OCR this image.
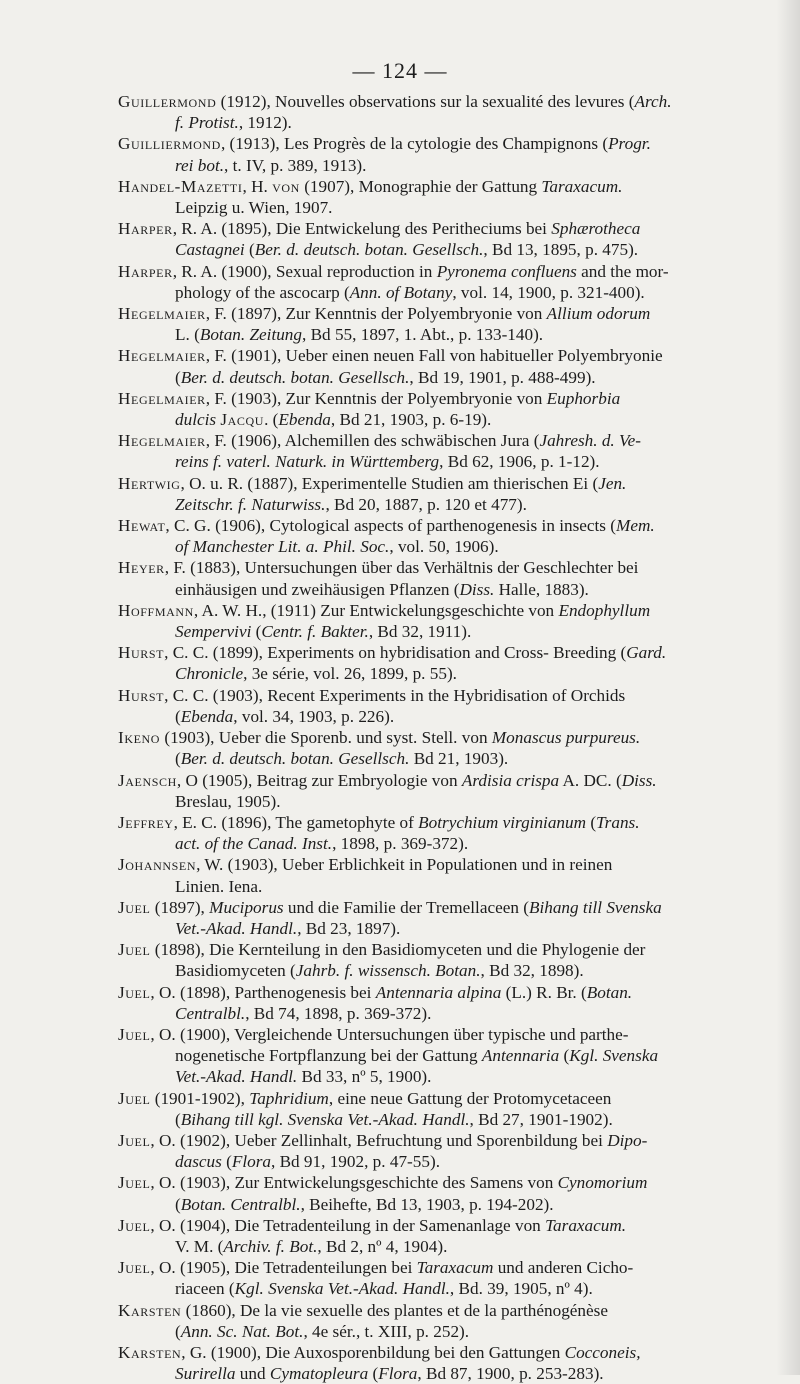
— 124 —
Guillermond (1912), Nouvelles observations sur la sexualité des levures (Arch.
f. Protist., 1912).
Guilliermond, (1913), Les Progrès de la cytologie des Champignons (Progr.
rei bot., t. IV, p. 389, 1913).
Handel-Mazetti, H. von (1907), Monographie der Gattung Taraxacum.
Leipzig u. Wien, 1907.
Harper, R. A. (1895), Die Entwickelung des Peritheciums bei Sphærotheca
Castagnei (Ber. d. deutsch. botan. Gesellsch., Bd 13, 1895, p. 475).
Harper, R. A. (1900), Sexual reproduction in Pyronema confluens and the mor-
phology of the ascocarp (Ann. of Botany, vol. 14, 1900, p. 321-400).
Hegelmaier, F. (1897), Zur Kenntnis der Polyembryonie von Allium odorum
L. (Botan. Zeitung, Bd 55, 1897, 1. Abt., p. 133-140).
Hegelmaier, F. (1901), Ueber einen neuen Fall von habitueller Polyembryonie
(Ber. d. deutsch. botan. Gesellsch., Bd 19, 1901, p. 488-499).
Hegelmaier, F. (1903), Zur Kenntnis der Polyembryonie von Euphorbia
dulcis Jacqu. (Ebenda, Bd 21, 1903, p. 6-19).
Hegelmaier, F. (1906), Alchemillen des schwäbischen Jura (Jahresh. d. Ve-
reins f. vaterl. Naturk. in Württemberg, Bd 62, 1906, p. 1-12).
Hertwig, O. u. R. (1887), Experimentelle Studien am thierischen Ei (Jen.
Zeitschr. f. Naturwiss., Bd 20, 1887, p. 120 et 477).
Hewat, C. G. (1906), Cytological aspects of parthenogenesis in insects (Mem.
of Manchester Lit. a. Phil. Soc., vol. 50, 1906).
Heyer, F. (1883), Untersuchungen über das Verhältnis der Geschlechter bei
einhäusigen und zweihäusigen Pflanzen (Diss. Halle, 1883).
Hoffmann, A. W. H., (1911) Zur Entwickelungsgeschichte von Endophyllum
Sempervivi (Centr. f. Bakter., Bd 32, 1911).
Hurst, C. C. (1899), Experiments on hybridisation and Cross- Breeding (Gard.
Chronicle, 3e série, vol. 26, 1899, p. 55).
Hurst, C. C. (1903), Recent Experiments in the Hybridisation of Orchids
(Ebenda, vol. 34, 1903, p. 226).
Ikeno (1903), Ueber die Sporenb. und syst. Stell. von Monascus purpureus.
(Ber. d. deutsch. botan. Gesellsch. Bd 21, 1903).
Jaensch, O (1905), Beitrag zur Embryologie von Ardisia crispa A. DC. (Diss.
Breslau, 1905).
Jeffrey, E. C. (1896), The gametophyte of Botrychium virginianum (Trans.
act. of the Canad. Inst., 1898, p. 369-372).
Johannsen, W. (1903), Ueber Erblichkeit in Populationen und in reinen
Linien. Iena.
Juel (1897), Muciporus und die Familie der Tremellaceen (Bihang till Svenska
Vet.-Akad. Handl., Bd 23, 1897).
Juel (1898), Die Kernteilung in den Basidiomyceten und die Phylogenie der
Basidiomyceten (Jahrb. f. wissensch. Botan., Bd 32, 1898).
Juel, O. (1898), Parthenogenesis bei Antennaria alpina (L.) R. Br. (Botan.
Centralbl., Bd 74, 1898, p. 369-372).
Juel, O. (1900), Vergleichende Untersuchungen über typische und parthe-
nogenetische Fortpflanzung bei der Gattung Antennaria (Kgl. Svenska
Vet.-Akad. Handl. Bd 33, nº 5, 1900).
Juel (1901-1902), Taphridium, eine neue Gattung der Protomycetaceen
(Bihang till kgl. Svenska Vet.-Akad. Handl., Bd 27, 1901-1902).
Juel, O. (1902), Ueber Zellinhalt, Befruchtung und Sporenbildung bei Dipo-
dascus (Flora, Bd 91, 1902, p. 47-55).
Juel, O. (1903), Zur Entwickelungsgeschichte des Samens von Cynomorium
(Botan. Centralbl., Beihefte, Bd 13, 1903, p. 194-202).
Juel, O. (1904), Die Tetradenteilung in der Samenanlage von Taraxacum.
V. M. (Archiv. f. Bot., Bd 2, nº 4, 1904).
Juel, O. (1905), Die Tetradenteilungen bei Taraxacum und anderen Cicho-
riaceen (Kgl. Svenska Vet.-Akad. Handl., Bd. 39, 1905, nº 4).
Karsten (1860), De la vie sexuelle des plantes et de la parthénogénèse
(Ann. Sc. Nat. Bot., 4e sér., t. XIII, p. 252).
Karsten, G. (1900), Die Auxosporenbildung bei den Gattungen Cocconeis,
Surirella und Cymatopleura (Flora, Bd 87, 1900, p. 253-283).
